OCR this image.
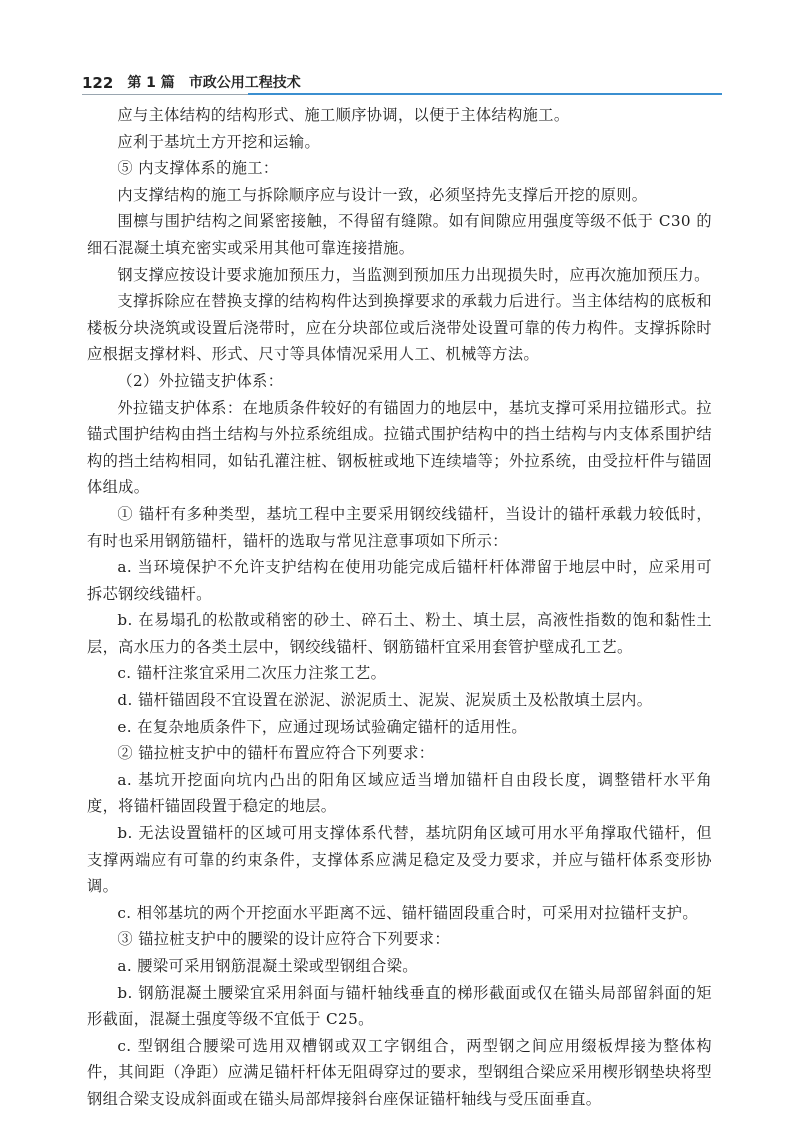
122 第 1 篇 市政公用工程技术

应与主体结构的结构形式、施工顺序协调，以便于主体结构施工。

应利于基坑土方开挖和运输。

⑤ 内支撑体系的施工：

内支撑结构的施工与拆除顺序应与设计一致，必须坚持先支撑后开挖的原则。

围檩与围护结构之间紧密接触，不得留有缝隙。如有间隙应用强度等级不低于 C30 的细石混凝土填充密实或采用其他可靠连接措施。

钢支撑应按设计要求施加预压力，当监测到预加压力出现损失时，应再次施加预压力。

支撑拆除应在替换支撑的结构构件达到换撑要求的承载力后进行。当主体结构的底板和楼板分块浇筑或设置后浇带时，应在分块部位或后浇带处设置可靠的传力构件。支撑拆除时应根据支撑材料、形式、尺寸等具体情况采用人工、机械等方法。

（2）外拉锚支护体系：

外拉锚支护体系：在地质条件较好的有锚固力的地层中，基坑支撑可采用拉锚形式。拉锚式围护结构由挡土结构与外拉系统组成。拉锚式围护结构中的挡土结构与内支体系围护结构的挡土结构相同，如钻孔灌注桩、钢板桩或地下连续墙等；外拉系统，由受拉杆件与锚固体组成。

① 锚杆有多种类型，基坑工程中主要采用钢绞线锚杆，当设计的锚杆承载力较低时，有时也采用钢筋锚杆，锚杆的选取与常见注意事项如下所示：

a. 当环境保护不允许支护结构在使用功能完成后锚杆杆体滞留于地层中时，应采用可拆芯钢绞线锚杆。

b. 在易塌孔的松散或稍密的砂土、碎石土、粉土、填土层，高液性指数的饱和黏性土层，高水压力的各类土层中，钢绞线锚杆、钢筋锚杆宜采用套管护壁成孔工艺。

c. 锚杆注浆宜采用二次压力注浆工艺。

d. 锚杆锚固段不宜设置在淤泥、淤泥质土、泥炭、泥炭质土及松散填土层内。

e. 在复杂地质条件下，应通过现场试验确定锚杆的适用性。

② 锚拉桩支护中的锚杆布置应符合下列要求：

a. 基坑开挖面向坑内凸出的阳角区域应适当增加锚杆自由段长度，调整错杆水平角度，将锚杆锚固段置于稳定的地层。

b. 无法设置锚杆的区域可用支撑体系代替，基坑阴角区域可用水平角撑取代锚杆，但支撑两端应有可靠的约束条件，支撑体系应满足稳定及受力要求，并应与锚杆体系变形协调。

c. 相邻基坑的两个开挖面水平距离不远、锚杆锚固段重合时，可采用对拉锚杆支护。

③ 锚拉桩支护中的腰梁的设计应符合下列要求：

a. 腰梁可采用钢筋混凝土梁或型钢组合梁。

b. 钢筋混凝土腰梁宜采用斜面与锚杆轴线垂直的梯形截面或仅在锚头局部留斜面的矩形截面，混凝土强度等级不宜低于 C25。

c. 型钢组合腰梁可选用双槽钢或双工字钢组合，两型钢之间应用缀板焊接为整体构件，其间距（净距）应满足锚杆杆体无阻碍穿过的要求，型钢组合梁应采用楔形钢垫块将型钢组合梁支设成斜面或在锚头局部焊接斜台座保证锚杆轴线与受压面垂直。
